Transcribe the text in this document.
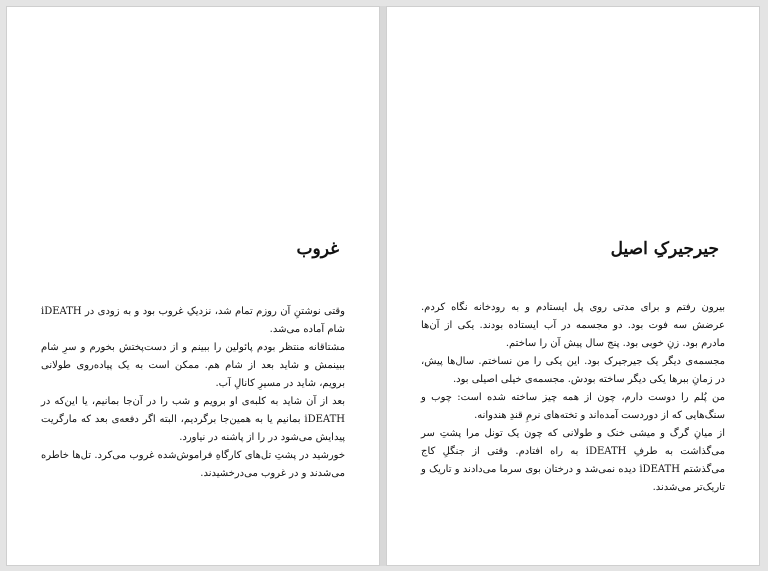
غروب

وقتی نوشتنِ آن روزم تمام شد، نزدیکِ غروب بود و به زودی در iDEATH شام آماده می‌شد.

مشتاقانه منتظر بودم پائولین را ببینم و از دست‌پختش بخورم و سرِ شام ببینمش و شاید بعد از شام هم. ممکن است به یک پیاده‌روی طولانی برویم، شاید در مسیرِ کانالِ آب.

بعد از آن شاید به کلبه‌ی او برویم و شب را در آن‌جا بمانیم، یا این‌که در iDEATH بمانیم یا به همین‌جا برگردیم، البته اگر دفعه‌ی بعد که مارگریت پیدایش می‌شود در را از پاشنه در نیاورد.

خورشید در پشتِ تل‌های کارگاهِ فراموش‌شده غروب می‌کرد. تل‌ها خاطره می‌شدند و در غروب می‌درخشیدند.

جیرجیرکِ اصیل

بیرون رفتم و برای مدتی روی پل ایستادم و به رودخانه نگاه کردم. عرضش سه فوت بود. دو مجسمه در آب ایستاده بودند. یکی از آن‌ها مادرم بود. زنِ خوبی بود. پنج سال پیش آن را ساختم.

مجسمه‌ی دیگر یک جیرجیرک بود. این یکی را من نساختم. سال‌ها پیش، در زمانِ ببرها یکی دیگر ساخته بودش. مجسمه‌ی خیلی اصیلی بود.

من پُلم را دوست دارم، چون از همه چیز ساخته شده است: چوب و سنگ‌هایی که از دوردست آمده‌اند و تخته‌های نرمِ قندِ هندوانه.

از میانِ گرگ و میشی خنک و طولانی که چون یک تونل مرا پشتِ سر می‌گذاشت به طرفِ iDEATH به راه افتادم. وقتی از جنگلِ کاج می‌گذشتم iDEATH دیده نمی‌شد و درختان بوی سرما می‌دادند و تاریک و تاریک‌تر می‌شدند.
